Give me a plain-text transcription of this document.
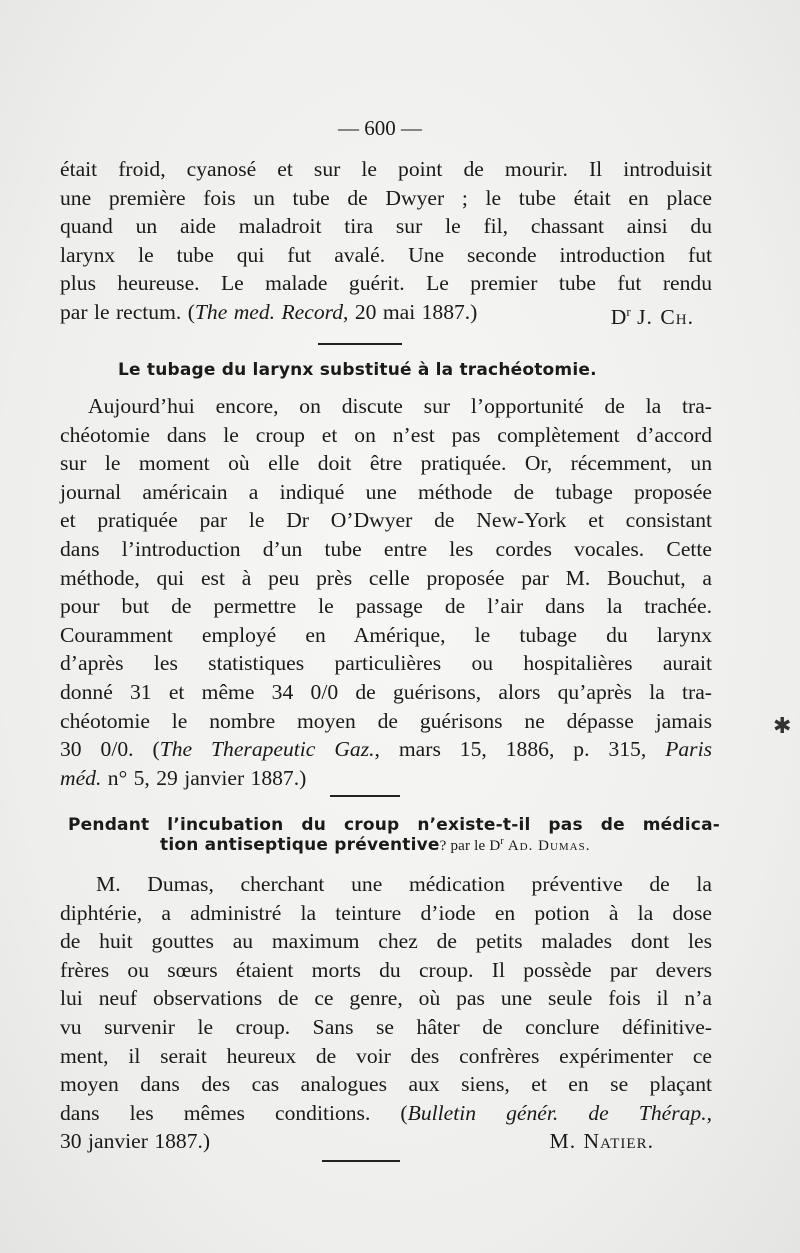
— 600 —
était froid, cyanosé et sur le point de mourir. Il introduisit
une première fois un tube de Dwyer ; le tube était en place
quand un aide maladroit tira sur le fil, chassant ainsi du
larynx le tube qui fut avalé. Une seconde introduction fut
plus heureuse. Le malade guérit. Le premier tube fut rendu
par le rectum. (The med. Record, 20 mai 1887.)	$D^r$ J. Ch.
Le tubage du larynx substitué à la trachéotomie.
Aujourd’hui encore, on discute sur l’opportunité de la tra-
chéotomie dans le croup et on n’est pas complètement d’accord
sur le moment où elle doit être pratiquée. Or, récemment, un
journal américain a indiqué une méthode de tubage proposée
et pratiquée par le Dr O’Dwyer de New-York et consistant
dans l’introduction d’un tube entre les cordes vocales. Cette
méthode, qui est à peu près celle proposée par M. Bouchut, a
pour but de permettre le passage de l’air dans la trachée.
Couramment employé en Amérique, le tubage du larynx
d’après les statistiques particulières ou hospitalières aurait
donné 31 et même 34 0/0 de guérisons, alors qu’après la tra-
chéotomie le nombre moyen de guérisons ne dépasse jamais
30 0/0. (The Therapeutic Gaz., mars 15, 1886, p. 315, Paris
méd. n° 5, 29 janvier 1887.)
Pendant l’incubation du croup n’existe-t-il pas de médica-
tion antiseptique préventive? par le $D^r$ Ad. Dumas.
M. Dumas, cherchant une médication préventive de la
diphtérie, a administré la teinture d’iode en potion à la dose
de huit gouttes au maximum chez de petits malades dont les
frères ou sœurs étaient morts du croup. Il possède par devers
lui neuf observations de ce genre, où pas une seule fois il n’a
vu survenir le croup. Sans se hâter de conclure définitive-
ment, il serait heureux de voir des confrères expérimenter ce
moyen dans des cas analogues aux siens, et en se plaçant
dans les mêmes conditions. (Bulletin génér. de Thérap.,
30 janvier 1887.)	M. Natier.
✱
